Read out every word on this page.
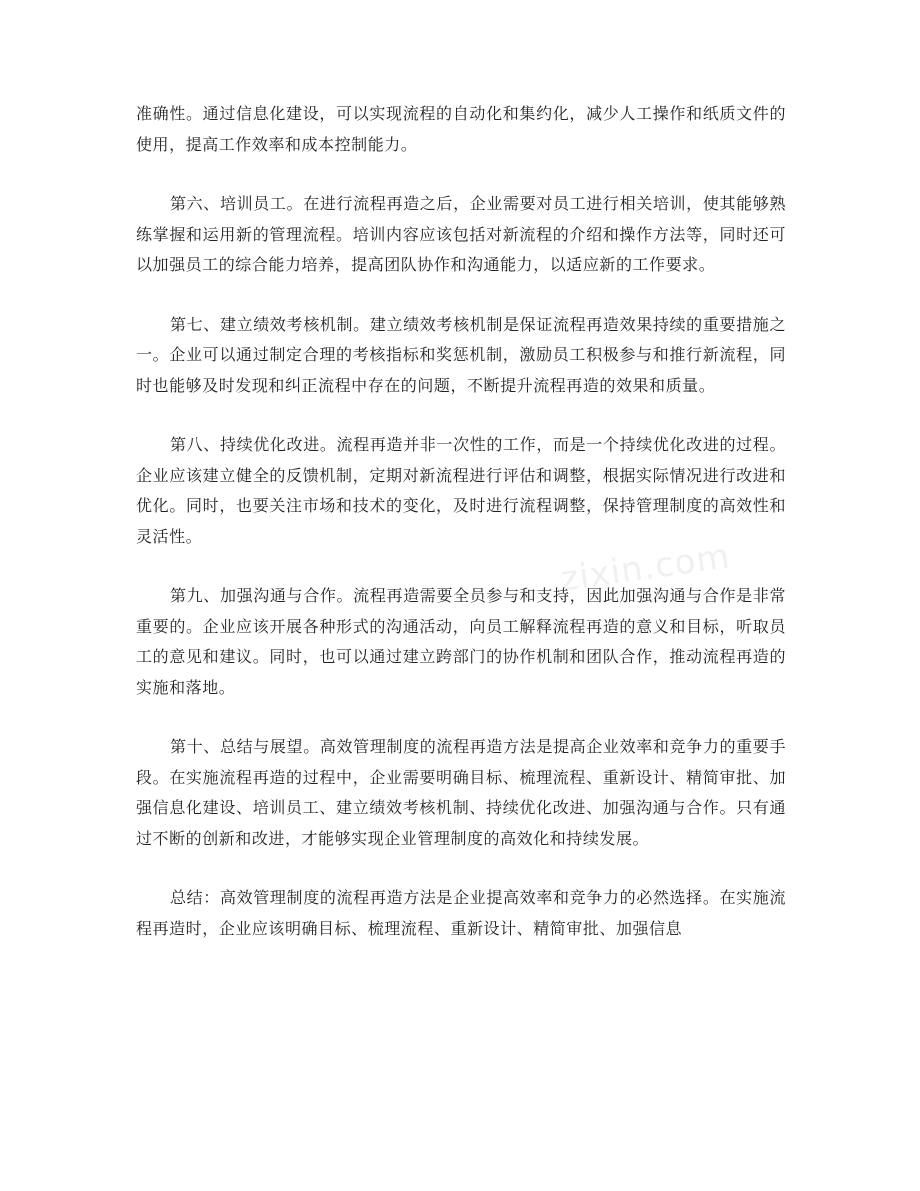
准确性。通过信息化建设，可以实现流程的自动化和集约化，减少人工操作和纸质文件的使用，提高工作效率和成本控制能力。

第六、培训员工。在进行流程再造之后，企业需要对员工进行相关培训，使其能够熟练掌握和运用新的管理流程。培训内容应该包括对新流程的介绍和操作方法等，同时还可以加强员工的综合能力培养，提高团队协作和沟通能力，以适应新的工作要求。

第七、建立绩效考核机制。建立绩效考核机制是保证流程再造效果持续的重要措施之一。企业可以通过制定合理的考核指标和奖惩机制，激励员工积极参与和推行新流程，同时也能够及时发现和纠正流程中存在的问题，不断提升流程再造的效果和质量。

第八、持续优化改进。流程再造并非一次性的工作，而是一个持续优化改进的过程。企业应该建立健全的反馈机制，定期对新流程进行评估和调整，根据实际情况进行改进和优化。同时，也要关注市场和技术的变化，及时进行流程调整，保持管理制度的高效性和灵活性。

第九、加强沟通与合作。流程再造需要全员参与和支持，因此加强沟通与合作是非常重要的。企业应该开展各种形式的沟通活动，向员工解释流程再造的意义和目标，听取员工的意见和建议。同时，也可以通过建立跨部门的协作机制和团队合作，推动流程再造的实施和落地。

第十、总结与展望。高效管理制度的流程再造方法是提高企业效率和竞争力的重要手段。在实施流程再造的过程中，企业需要明确目标、梳理流程、重新设计、精简审批、加强信息化建设、培训员工、建立绩效考核机制、持续优化改进、加强沟通与合作。只有通过不断的创新和改进，才能够实现企业管理制度的高效化和持续发展。

总结：高效管理制度的流程再造方法是企业提高效率和竞争力的必然选择。在实施流程再造时，企业应该明确目标、梳理流程、重新设计、精简审批、加强信息

zixin.com
